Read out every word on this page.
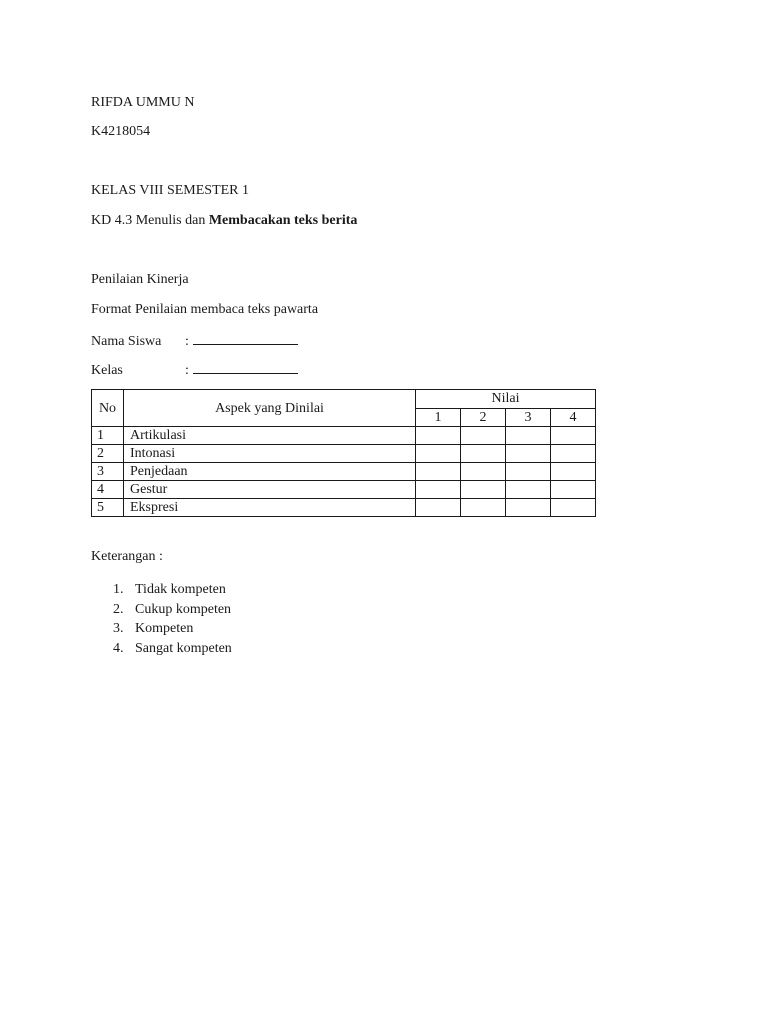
RIFDA UMMU N
K4218054
KELAS VIII SEMESTER 1
KD 4.3 Menulis dan Membacakan teks berita
Penilaian Kinerja
Format Penilaian membaca teks pawarta
Nama Siswa :
Kelas	:
No	Aspek yang Dinilai	Nilai			
		1	2	3	4
1	Artikulasi				
2	Intonasi				
3	Penjedaan				
4	Gestur				
5	Ekspresi				
Keterangan :
1. Tidak kompeten
2. Cukup kompeten
3. Kompeten
4. Sangat kompeten
